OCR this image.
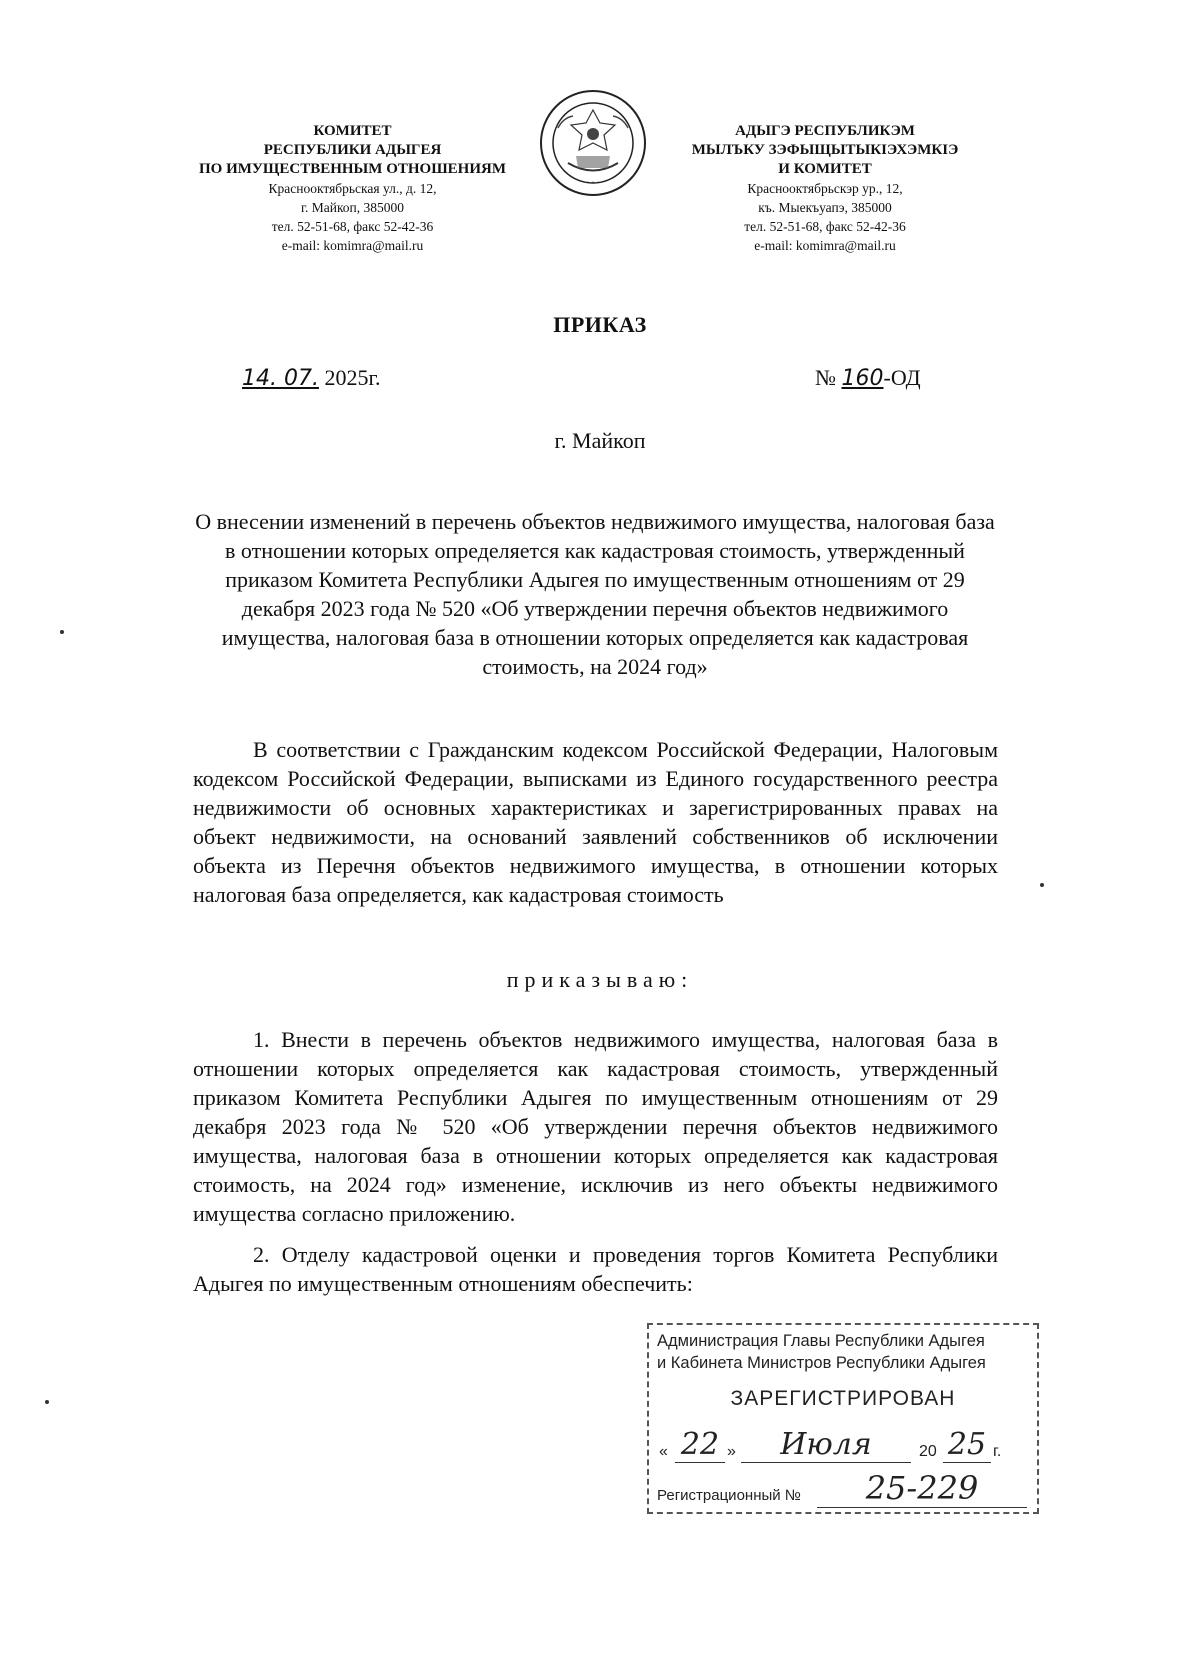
КОМИТЕТ
РЕСПУБЛИКИ АДЫГЕЯ
ПО ИМУЩЕСТВЕННЫМ ОТНОШЕНИЯМ
Краснооктябрьская ул., д. 12,
г. Майкоп, 385000
тел. 52-51-68, факс 52-42-36
e-mail: komimra@mail.ru
· · ·
АДЫГЭ РЕСПУБЛИКЭМ
МЫЛЪКУ ЗЭФЫЩЫТЫКIЭХЭМКIЭ
И КОМИТЕТ
Краснооктябрьскэр ур., 12,
къ. Мыекъуапэ, 385000
тел. 52-51-68, факс 52-42-36
e-mail: komimra@mail.ru
ПРИКАЗ
14. 07. 2025г.	№ 160-ОД
г. Майкоп
О внесении изменений в перечень объектов недвижимого имущества, налоговая база в отношении которых определяется как кадастровая стоимость, утвержденный приказом Комитета Республики Адыгея по имущественным отношениям от 29 декабря 2023 года № 520 «Об утверждении перечня объектов недвижимого имущества, налоговая база в отношении которых определяется как кадастровая стоимость, на 2024 год»
В соответствии с Гражданским кодексом Российской Федерации, Налоговым кодексом Российской Федерации, выписками из Единого государственного реестра недвижимости об основных характеристиках и зарегистрированных правах на объект недвижимости, на оснований заявлений собственников об исключении объекта из Перечня объектов недвижимого имущества, в отношении которых налоговая база определяется, как кадастровая стоимость
приказываю:
1. Внести в перечень объектов недвижимого имущества, налоговая база в отношении которых определяется как кадастровая стоимость, утвержденный приказом Комитета Республики Адыгея по имущественным отношениям от 29 декабря 2023 года № 520 «Об утверждении перечня объектов недвижимого имущества, налоговая база в отношении которых определяется как кадастровая стоимость, на 2024 год» изменение, исключив из него объекты недвижимого имущества согласно приложению.
2. Отделу кадастровой оценки и проведения торгов Комитета Республики Адыгея по имущественным отношениям обеспечить:
Администрация Главы Республики Адыгея
и Кабинета Министров Республики Адыгея
ЗАРЕГИСТРИРОВАН
« 22 »	Июля	20 25 г.
Регистрационный №	25-229
